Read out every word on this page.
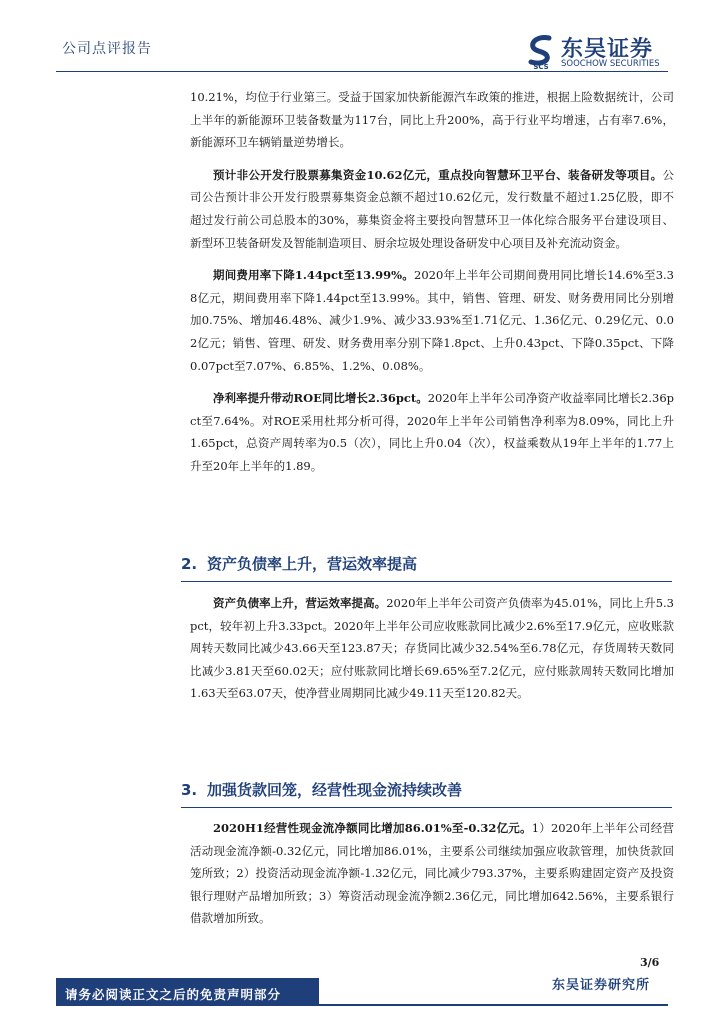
公司点评报告
SCS
东吴证券
SOOCHOW SECURITIES

10.21%，均位于行业第三。受益于国家加快新能源汽车政策的推进，根据上险数据统计，公司上半年的新能源环卫装备数量为117台，同比上升200%，高于行业平均增速，占有率7.6%，新能源环卫车辆销量逆势增长。

预计非公开发行股票募集资金10.62亿元，重点投向智慧环卫平台、装备研发等项目。公司公告预计非公开发行股票募集资金总额不超过10.62亿元，发行数量不超过1.25亿股，即不超过发行前公司总股本的30%，募集资金将主要投向智慧环卫一体化综合服务平台建设项目、新型环卫装备研发及智能制造项目、厨余垃圾处理设备研发中心项目及补充流动资金。

期间费用率下降1.44pct至13.99%。2020年上半年公司期间费用同比增长14.6%至3.38亿元，期间费用率下降1.44pct至13.99%。其中，销售、管理、研发、财务费用同比分别增加0.75%、增加46.48%、减少1.9%、减少33.93%至1.71亿元、1.36亿元、0.29亿元、0.02亿元；销售、管理、研发、财务费用率分别下降1.8pct、上升0.43pct、下降0.35pct、下降0.07pct至7.07%、6.85%、1.2%、0.08%。

净利率提升带动ROE同比增长2.36pct。2020年上半年公司净资产收益率同比增长2.36pct至7.64%。对ROE采用杜邦分析可得，2020年上半年公司销售净利率为8.09%，同比上升1.65pct，总资产周转率为0.5（次），同比上升0.04（次），权益乘数从19年上半年的1.77上升至20年上半年的1.89。

2. 资产负债率上升，营运效率提高

资产负债率上升，营运效率提高。2020年上半年公司资产负债率为45.01%，同比上升5.3pct，较年初上升3.33pct。2020年上半年公司应收账款同比减少2.6%至17.9亿元，应收账款周转天数同比减少43.66天至123.87天；存货同比减少32.54%至6.78亿元，存货周转天数同比减少3.81天至60.02天；应付账款同比增长69.65%至7.2亿元，应付账款周转天数同比增加1.63天至63.07天，使净营业周期同比减少49.11天至120.82天。

3. 加强货款回笼，经营性现金流持续改善

2020H1经营性现金流净额同比增加86.01%至-0.32亿元。1）2020年上半年公司经营活动现金流净额-0.32亿元，同比增加86.01%，主要系公司继续加强应收款管理，加快货款回笼所致；2）投资活动现金流净额-1.32亿元，同比减少793.37%，主要系购建固定资产及投资银行理财产品增加所致；3）筹资活动现金流净额2.36亿元，同比增加642.56%，主要系银行借款增加所致。

3/6
请务必阅读正文之后的免责声明部分
东吴证券研究所
